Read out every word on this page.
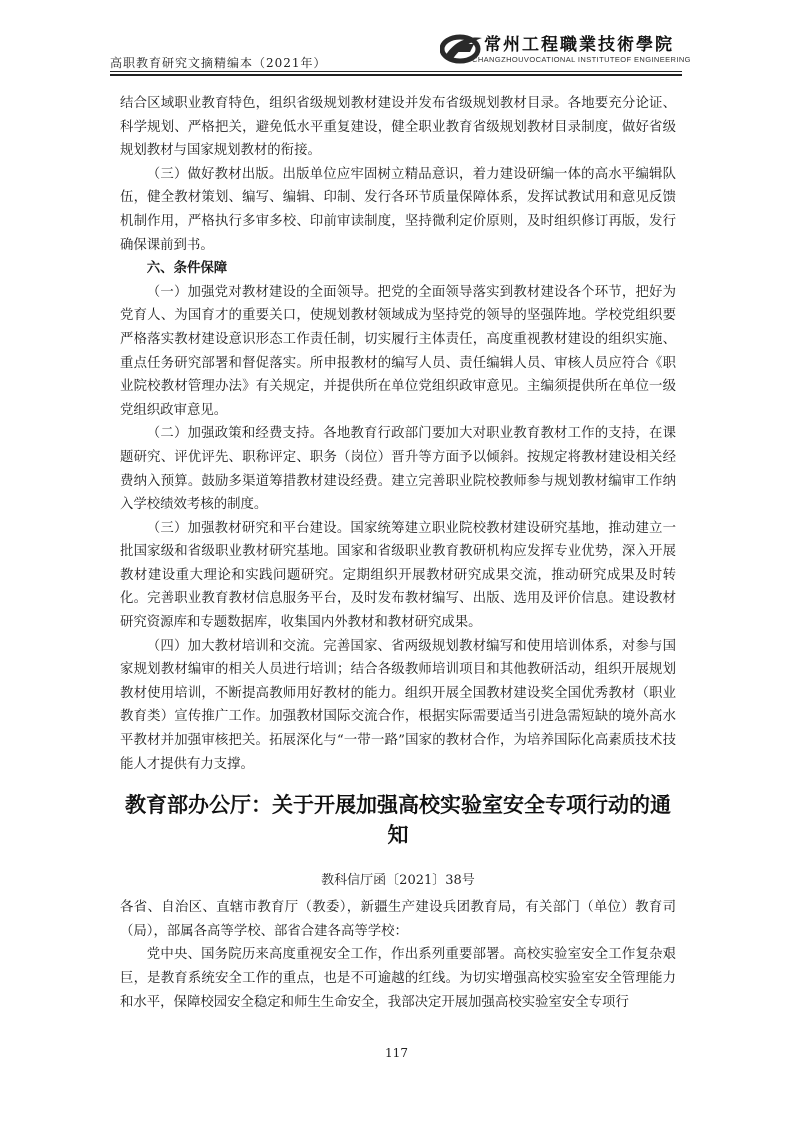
高职教育研究文摘精编本（2021年）
常州工程職業技術學院
CHANGZHOUVOCATIONAL INSTITUTEOF ENGINEERING

结合区域职业教育特色，组织省级规划教材建设并发布省级规划教材目录。各地要充分论证、科学规划、严格把关，避免低水平重复建设，健全职业教育省级规划教材目录制度，做好省级规划教材与国家规划教材的衔接。

（三）做好教材出版。出版单位应牢固树立精品意识，着力建设研编一体的高水平编辑队伍，健全教材策划、编写、编辑、印制、发行各环节质量保障体系，发挥试教试用和意见反馈机制作用，严格执行多审多校、印前审读制度，坚持微利定价原则，及时组织修订再版，发行确保课前到书。

六、条件保障

（一）加强党对教材建设的全面领导。把党的全面领导落实到教材建设各个环节，把好为党育人、为国育才的重要关口，使规划教材领域成为坚持党的领导的坚强阵地。学校党组织要严格落实教材建设意识形态工作责任制，切实履行主体责任，高度重视教材建设的组织实施、重点任务研究部署和督促落实。所申报教材的编写人员、责任编辑人员、审核人员应符合《职业院校教材管理办法》有关规定，并提供所在单位党组织政审意见。主编须提供所在单位一级党组织政审意见。

（二）加强政策和经费支持。各地教育行政部门要加大对职业教育教材工作的支持，在课题研究、评优评先、职称评定、职务（岗位）晋升等方面予以倾斜。按规定将教材建设相关经费纳入预算。鼓励多渠道筹措教材建设经费。建立完善职业院校教师参与规划教材编审工作纳入学校绩效考核的制度。

（三）加强教材研究和平台建设。国家统筹建立职业院校教材建设研究基地，推动建立一批国家级和省级职业教材研究基地。国家和省级职业教育教研机构应发挥专业优势，深入开展教材建设重大理论和实践问题研究。定期组织开展教材研究成果交流，推动研究成果及时转化。完善职业教育教材信息服务平台，及时发布教材编写、出版、选用及评价信息。建设教材研究资源库和专题数据库，收集国内外教材和教材研究成果。

（四）加大教材培训和交流。完善国家、省两级规划教材编写和使用培训体系，对参与国家规划教材编审的相关人员进行培训；结合各级教师培训项目和其他教研活动，组织开展规划教材使用培训，不断提高教师用好教材的能力。组织开展全国教材建设奖全国优秀教材（职业教育类）宣传推广工作。加强教材国际交流合作，根据实际需要适当引进急需短缺的境外高水平教材并加强审核把关。拓展深化与“一带一路”国家的教材合作，为培养国际化高素质技术技能人才提供有力支撑。

教育部办公厅：关于开展加强高校实验室安全专项行动的通知

教科信厅函〔2021〕38号

各省、自治区、直辖市教育厅（教委），新疆生产建设兵团教育局，有关部门（单位）教育司（局），部属各高等学校、部省合建各高等学校：

党中央、国务院历来高度重视安全工作，作出系列重要部署。高校实验室安全工作复杂艰巨，是教育系统安全工作的重点，也是不可逾越的红线。为切实增强高校实验室安全管理能力和水平，保障校园安全稳定和师生生命安全，我部决定开展加强高校实验室安全专项行

117
